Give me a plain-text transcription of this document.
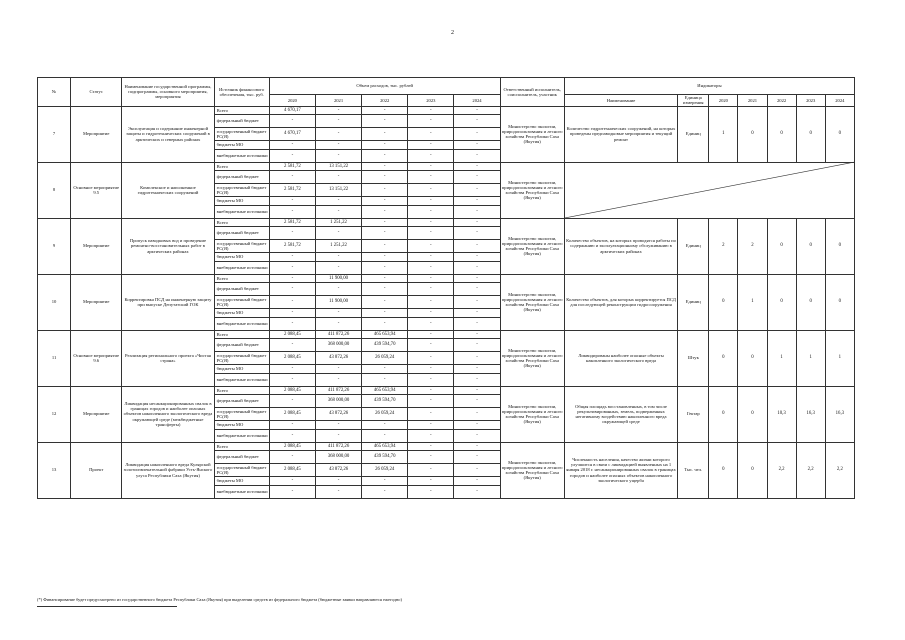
2
№	Статус	Наименование государственной программы, подпрограммы, основного мероприятия, мероприятия	Источник финансового обеспечения, тыс. руб.	Объем расходов, тыс. рублей					Ответственный исполнитель, соисполнитель, участник	Индикаторы						
				2020	2021	2022	2023	2024		Наименование	Единица измерения	2020	2021	2022	2023	2024
7	Мероприятие	Эксплуатация и содержание инженерной защиты и гидротехнических сооружений в арктических и северных районах	Всего	4 670,17	-	-	-	-	Министерство экологии, природопользования и лесного хозяйства Республики Саха (Якутия)	Количество гидротехнических сооружений, на которых проведены предпаводковые мероприятия и текущий ремонт	Единиц	1	0	0	0	0
			федеральный бюджет	-	-	-	-	-								
			государственный бюджет РС(Я)	4 670,17	-	-	-	-								
			бюджеты МО	-	-	-	-	-								
			внебюджетные источники	-	-	-	-	-								
8	Основное мероприятие 9.5	Комплексное и наполненное гидротехнических сооружений	Всего	2 581,72	13 151,22	-	-	-	Министерство экологии, природопользования и лесного хозяйства Республики Саха (Якутия)							
			федеральный бюджет	-	-	-	-	-								
			государственный бюджет РС(Я)	2 581,72	13 151,22	-	-	-								
			бюджеты МО	-	-	-	-	-								
			внебюджетные источники	-	-	-	-	-								
9	Мероприятие	Пропуск паводковых вод и проведение ремонтно-восстановительных работ в арктических районах	Всего	2 581,72	1 251,22	-	-	-	Министерство экологии, природопользования и лесного хозяйства Республики Саха (Якутия)	Количество объектов, на которых проводятся работы по содержанию и эксплуатационному обслуживанию в арктических районах	Единиц	2	2	0	0	0
			федеральный бюджет	-	-	-	-	-								
			государственный бюджет РС(Я)	2 581,72	1 251,22	-	-	-								
			бюджеты МО	-	-	-	-	-								
			внебюджетные источники	-	-	-	-	-								
10	Мероприятие	Корректировка ПСД на инженерную защиту при выпуске Депутатский ГОК	Всего	-	11 900,00	-	-	-	Министерство экологии, природопользования и лесного хозяйства Республики Саха (Якутия)	Количество объектов, для которых корректируется ПСД для последующей реконструкции гидросооружения	Единиц	0	1	0	0	0
			федеральный бюджет	-	-	-	-	-								
			государственный бюджет РС(Я)	-	11 900,00	-	-	-								
			бюджеты МО	-	-	-	-	-								
			внебюджетные источники	-	-	-	-	-								
11	Основное мероприятие 9.6	Реализация регионального проекта «Чистая страна»	Всего	2 088,45	411 872,26	465 653,94	-	-	Министерство экологии, природопользования и лесного хозяйства Республики Саха (Якутия)	Ликвидированы наиболее опасные объекты накопленного экологического вреда	Штук	0	0	1	1	1
			федеральный бюджет	-	368 000,00	439 594,70	-	-								
			государственный бюджет РС(Я)	2 088,45	43 872,26	26 059,24	-	-								
			бюджеты МО	-	-	-	-	-								
			внебюджетные источники	-	-	-	-	-								
12	Мероприятие	Ликвидация несанкционированных свалок в границах городов и наиболее опасных объектов накопленного экологического вреда окружающей среде (межбюджетные трансферты)	Всего	2 088,45	411 872,26	465 653,94	-	-	Министерство экологии, природопользования и лесного хозяйства Республики Саха (Якутия)	Общая площадь восстановленных, в том числе рекультивированных, земель, подверженных негативному воздействию накопленного вреда окружающей среде	Гектар	0	0	10,3	16,3	16,3
			федеральный бюджет	-	368 000,00	439 594,70	-	-								
			государственный бюджет РС(Я)	2 088,45	43 872,26	26 059,24	-	-								
			бюджеты МО	-	-	-	-	-								
			внебюджетные источники	-	-	-	-	-								
13	Проект	Ликвидация накопленного вреда Кулярской золотоизвлекательной фабрики Усть-Янского улуса Республики Саха (Якутия)	Всего	2 088,45	411 872,26	465 653,94	-	-	Министерство экологии, природопользования и лесного хозяйства Республики Саха (Якутия)	Численность населения, качество жизни которого улучшится в связи с ликвидацией выявленных на 1 января 2018 г. несанкционированных свалок в границах городов и наиболее опасных объектов накопленного экологического ущерба	Тыс. чел.	0	0	2,2	2,2	2,2
			федеральный бюджет	-	368 000,00	439 594,70	-	-								
			государственный бюджет РС(Я)	2 088,45	43 872,26	26 059,24	-	-								
			бюджеты МО	-	-	-	-	-								
			внебюджетные источники	-	-	-	-	-								
(*) Финансирование будет предусмотрено из государственного бюджета Республики Саха (Якутия) при выделении средств из федерального бюджета (бюджетные заявки направляются ежегодно)
